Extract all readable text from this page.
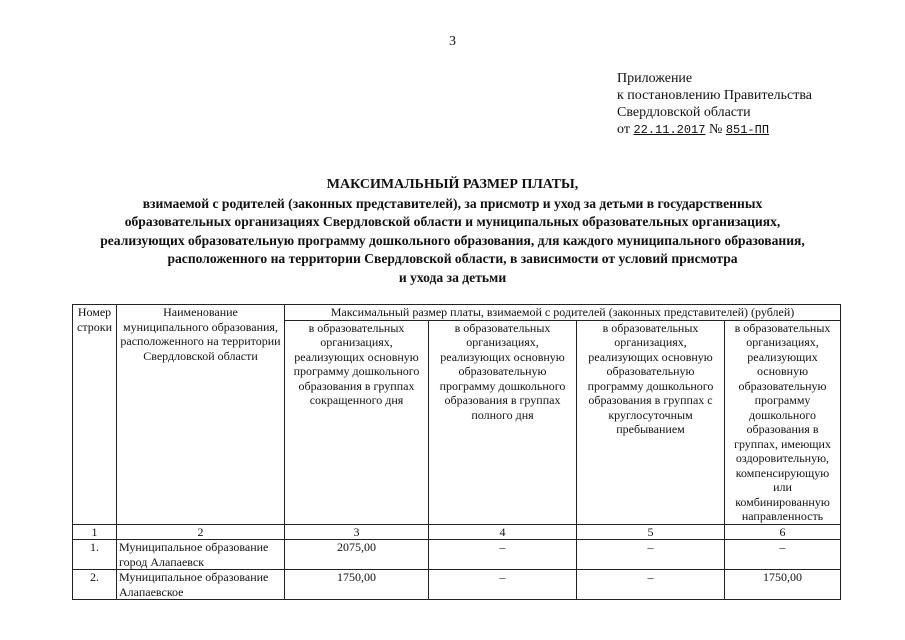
3
Приложение
к постановлению Правительства
Свердловской области
от 22.11.2017 № 851-ПП
МАКСИМАЛЬНЫЙ РАЗМЕР ПЛАТЫ,
взимаемой с родителей (законных представителей), за присмотр и уход за детьми в государственных
образовательных организациях Свердловской области и муниципальных образовательных организациях,
реализующих образовательную программу дошкольного образования, для каждого муниципального образования,
расположенного на территории Свердловской области, в зависимости от условий присмотра
и ухода за детьми
Номер строки	Наименование муниципального образования, расположенного на территории Свердловской области	Максимальный размер платы, взимаемой с родителей (законных представителей) (рублей)			
		в образовательных организациях, реализующих основную программу дошкольного образования в группах сокращенного дня	в образовательных организациях, реализующих основную образовательную программу дошкольного образования в группах полного дня	в образовательных организациях, реализующих основную образовательную программу дошкольного образования в группах с круглосуточным пребыванием	в образовательных организациях, реализующих основную образовательную программу дошкольного образования в группах, имеющих оздоровительную, компенсирующую или комбинированную направленность
1	2	3	4	5	6
1.	Муниципальное образование город Алапаевск	2075,00	–	–	–
2.	Муниципальное образование Алапаевское	1750,00	–	–	1750,00
